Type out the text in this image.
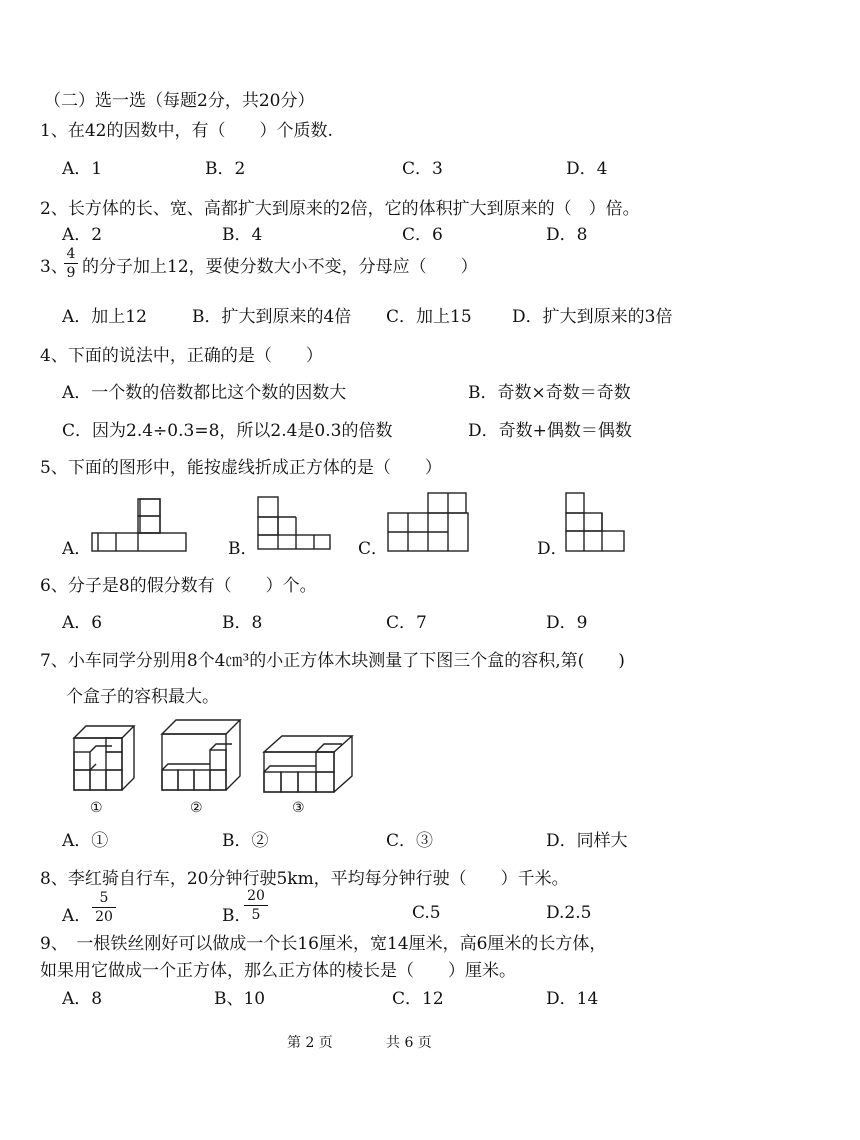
（二）选一选（每题2分，共20分）
1、在42的因数中，有（　　）个质数.
A．1	B．2	C．3	D．4
2、长方体的长、宽、高都扩大到原来的2倍，它的体积扩大到原来的（　）倍。
A．2	B．4	C．6	D．8
3、
4
9 的分子加上12，要使分数大小不变，分母应（　　）
A．加上12	B．扩大到原来的4倍 C．加上15 D．扩大到原来的3倍
4、下面的说法中，正确的是（　　）
A．一个数的倍数都比这个数的因数大	B．奇数×奇数＝奇数
C．因为2.4÷0.3=8，所以2.4是0.3的倍数	D．奇数+偶数＝偶数
5、下面的图形中，能按虚线折成正方体的是（　　）
A．	B．	C．	D．
6、分子是8的假分数有（　　）个。
A．6	B．8	C．7	D．9
7、小车同学分别用8个4㎝³的小正方体木块测量了下图三个盒的容积,第(　　)
个盒子的容积最大。
①	②	③
A．①	B．②	C．③	D．同样大
8、李红骑自行车，20分钟行驶5km，平均每分钟行驶（　　）千米。
A．
5
20	B．
20
5	C.5	D.2.5
9、　一根铁丝刚好可以做成一个长16厘米，宽14厘米，高6厘米的长方体，
如果用它做成一个正方体，那么正方体的棱长是（　　）厘米。
A．8	B、10	C．12	D．14
第 2 页	共 6 页
